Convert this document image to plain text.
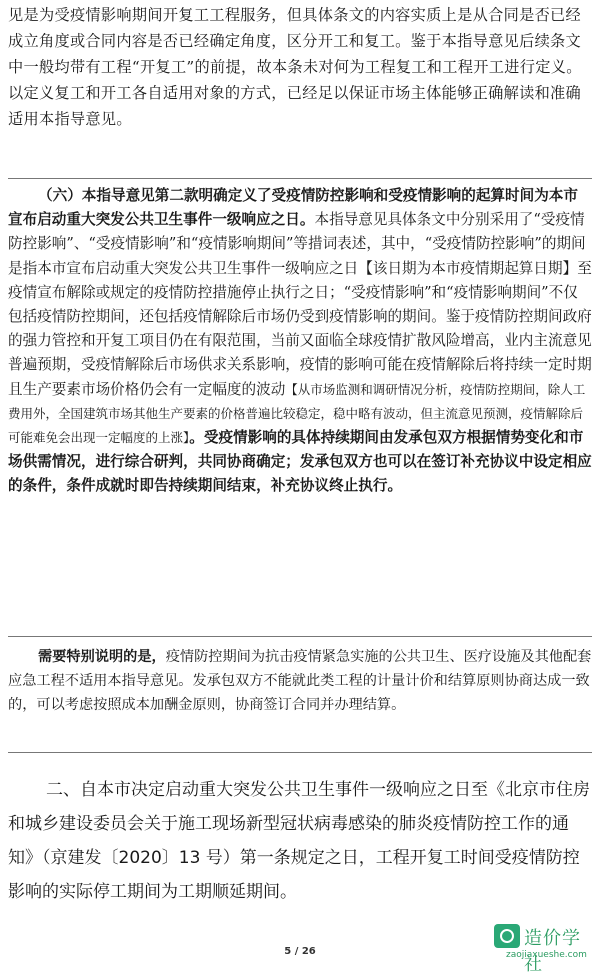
见是为受疫情影响期间开复工工程服务，但具体条文的内容实质上是从合同是否已经成立角度或合同内容是否已经确定角度，区分开工和复工。鉴于本指导意见后续条文中一般均带有工程“开复工”的前提，故本条未对何为工程复工和工程开工进行定义。以定义复工和开工各自适用对象的方式，已经足以保证市场主体能够正确解读和准确适用本指导意见。
（六）本指导意见第二款明确定义了受疫情防控影响和受疫情影响的起算时间为本市宣布启动重大突发公共卫生事件一级响应之日。本指导意见具体条文中分别采用了“受疫情防控影响”、“受疫情影响”和“疫情影响期间”等措词表述，其中，“受疫情防控影响”的期间是指本市宣布启动重大突发公共卫生事件一级响应之日【该日期为本市疫情期起算日期】至疫情宣布解除或规定的疫情防控措施停止执行之日；“受疫情影响”和“疫情影响期间”不仅包括疫情防控期间，还包括疫情解除后市场仍受到疫情影响的期间。鉴于疫情防控期间政府的强力管控和开复工项目仍在有限范围，当前又面临全球疫情扩散风险增高，业内主流意见普遍预期，受疫情解除后市场供求关系影响，疫情的影响可能在疫情解除后将持续一定时期且生产要素市场价格仍会有一定幅度的波动【从市场监测和调研情况分析，疫情防控期间，除人工费用外，全国建筑市场其他生产要素的价格普遍比较稳定，稳中略有波动，但主流意见预测，疫情解除后可能难免会出现一定幅度的上涨】。受疫情影响的具体持续期间由发承包双方根据情势变化和市场供需情况，进行综合研判，共同协商确定；发承包双方也可以在签订补充协议中设定相应的条件，条件成就时即告持续期间结束，补充协议终止执行。
需要特别说明的是，疫情防控期间为抗击疫情紧急实施的公共卫生、医疗设施及其他配套应急工程不适用本指导意见。发承包双方不能就此类工程的计量计价和结算原则协商达成一致的，可以考虑按照成本加酬金原则，协商签订合同并办理结算。
二、自本市决定启动重大突发公共卫生事件一级响应之日至《北京市住房和城乡建设委员会关于施工现场新型冠状病毒感染的肺炎疫情防控工作的通知》（京建发〔2020〕13 号）第一条规定之日，工程开复工时间受疫情防控影响的实际停工期间为工期顺延期间。
5 / 26
造价学社
zaojiaxueshe.com
